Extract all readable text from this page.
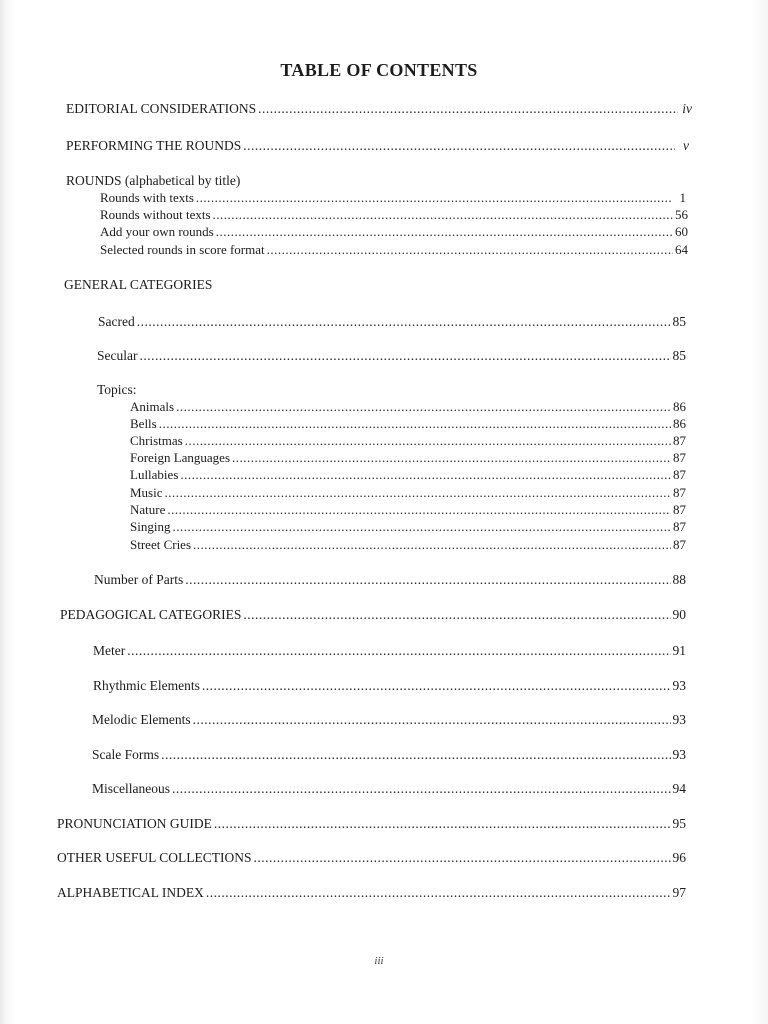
TABLE OF CONTENTS
EDITORIAL CONSIDERATIONS .....	iv
PERFORMING THE ROUNDS .....	v
ROUNDS (alphabetical by title)
Rounds with texts .....	1
Rounds without texts .....	56
Add your own rounds .....	60
Selected rounds in score format .....	64
GENERAL CATEGORIES
Sacred .....	85
Secular .....	85
Topics:
Animals .....	86
Bells .....	86
Christmas .....	87
Foreign Languages .....	87
Lullabies .....	87
Music .....	87
Nature .....	87
Singing .....	87
Street Cries .....	87
Number of Parts .....	88
PEDAGOGICAL CATEGORIES .....	90
Meter .....	91
Rhythmic Elements .....	93
Melodic Elements .....	93
Scale Forms .....	93
Miscellaneous .....	94
PRONUNCIATION GUIDE .....	95
OTHER USEFUL COLLECTIONS .....	96
ALPHABETICAL INDEX .....	97
iii
